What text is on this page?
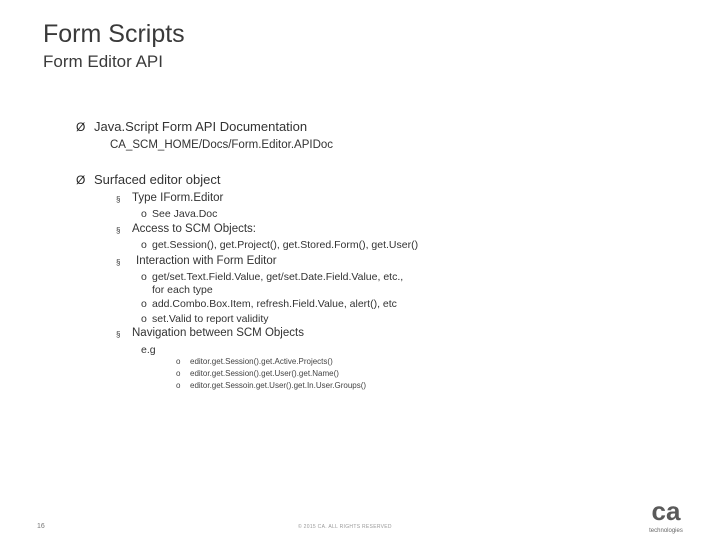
Form Scripts
Form Editor API
Ø Java.Script Form API Documentation
CA_SCM_HOME/Docs/Form.Editor.APIDoc
Ø Surfaced editor object
§ Type IForm.Editor
o See Java.Doc
§ Access to SCM Objects:
o get.Session(), get.Project(), get.Stored.Form(), get.User()
§ Interaction with Form Editor
o get/set.Text.Field.Value, get/set.Date.Field.Value, etc.,
for each type
o add.Combo.Box.Item, refresh.Field.Value, alert(), etc
o set.Valid to report validity
§ Navigation between SCM Objects
e.g
o editor.get.Session().get.Active.Projects()
o editor.get.Session().get.User().get.Name()
o editor.get.Sessoin.get.User().get.In.User.Groups()
16	© 2015 CA. ALL RIGHTS RESERVED
ca
technologies
